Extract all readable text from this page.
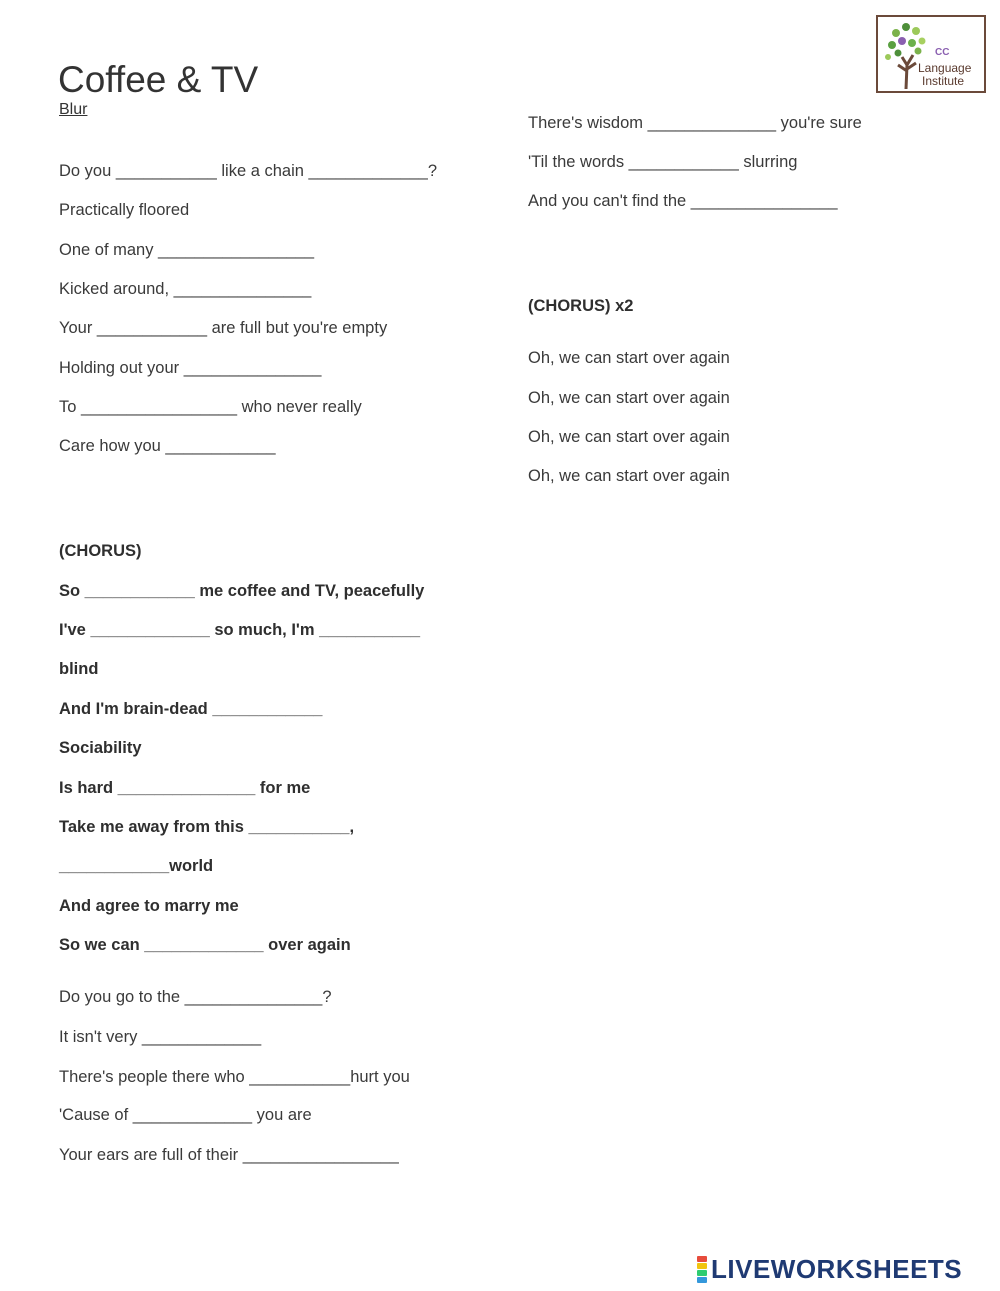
Coffee & TV
Blur
CC
Language
Institute
Do you ___________ like a chain _____________?
Practically floored
One of many _________________
Kicked around, _______________
Your ____________ are full but you're empty
Holding out your _______________
To _________________ who never really
Care how you ____________
(CHORUS)
So ____________ me coffee and TV, peacefully
I've _____________ so much, I'm ___________
blind
And I'm brain-dead ____________
Sociability
Is hard _______________ for me
Take me away from this ___________,
____________world
And agree to marry me
So we can _____________ over again
Do you go to the _______________?
It isn't very _____________
There's people there who ___________hurt you
'Cause of _____________ you are
Your ears are full of their _________________
There's wisdom ______________ you're sure
'Til the words ____________ slurring
And you can't find the ________________
(CHORUS) x2
Oh, we can start over again
Oh, we can start over again
Oh, we can start over again
Oh, we can start over again
LIVEWORKSHEETS
